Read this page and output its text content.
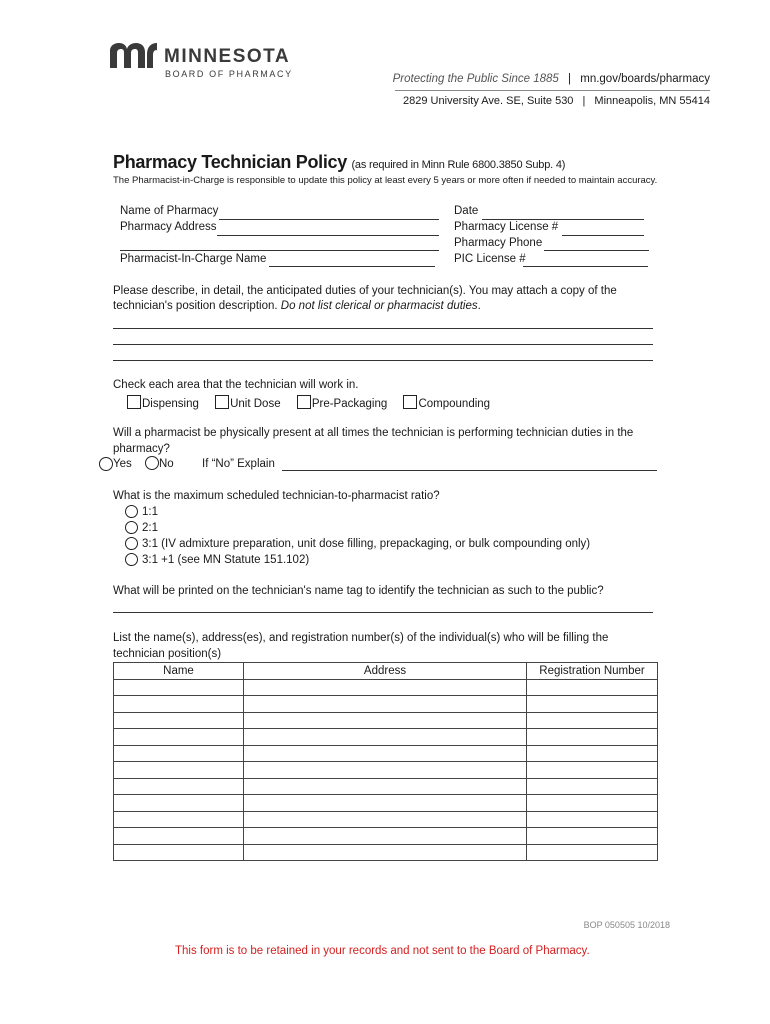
MINNESOTA
BOARD OF PHARMACY	Protecting the Public Since 1885 | mn.gov/boards/pharmacy
2829 University Ave. SE, Suite 530 | Minneapolis, MN 55414
Pharmacy Technician Policy (as required in Minn Rule 6800.3850 Subp. 4)
The Pharmacist-in-Charge is responsible to update this policy at least every 5 years or more often if needed to maintain accuracy.
Name of Pharmacy
Pharmacy Address
Pharmacist-In-Charge Name
Date
Pharmacy License #
Pharmacy Phone
PIC License #
Please describe, in detail, the anticipated duties of your technician(s). You may attach a copy of the
technician's position description. Do not list clerical or pharmacist duties.
Check each area that the technician will work in.
Dispensing	Unit Dose	Pre-Packaging	Compounding
Will a pharmacist be physically present at all times the technician is performing technician duties in the
pharmacy?
Yes No If “No” Explain
What is the maximum scheduled technician-to-pharmacist ratio?
1:1
2:1
3:1 (IV admixture preparation, unit dose filling, prepackaging, or bulk compounding only)
3:1 +1 (see MN Statute 151.102)
What will be printed on the technician's name tag to identify the technician as such to the public?
List the name(s), address(es), and registration number(s) of the individual(s) who will be filling the
technician position(s)
Name	Address	Registration Number

BOP 050505 10/2018
This form is to be retained in your records and not sent to the Board of Pharmacy.
